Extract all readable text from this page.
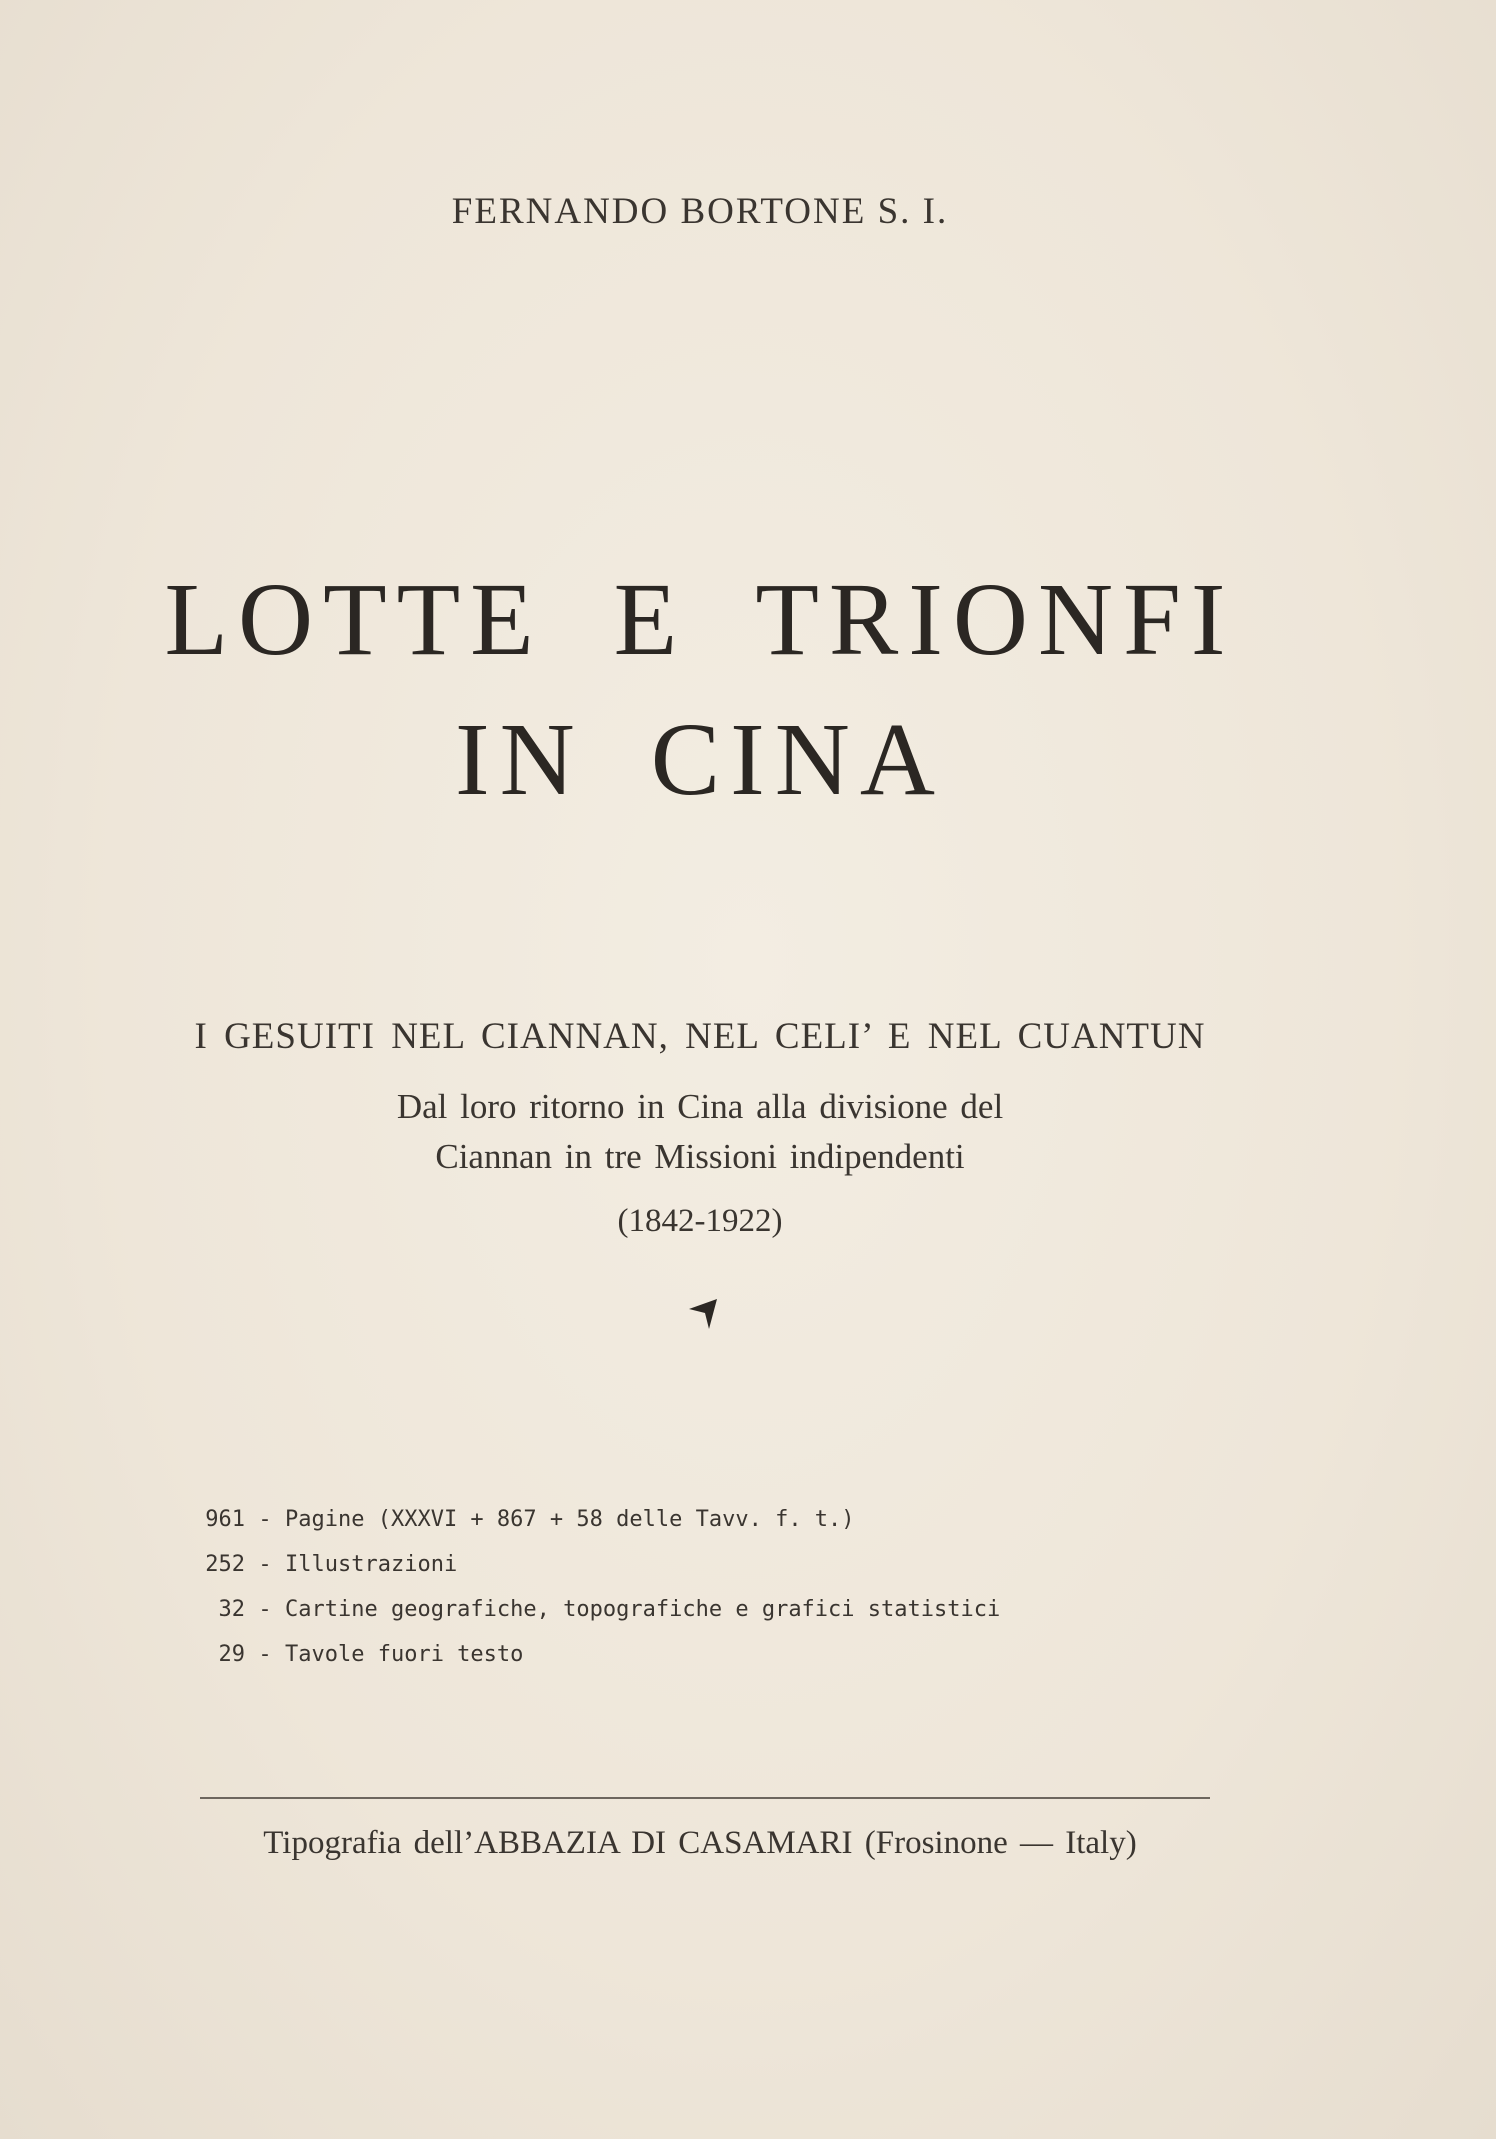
FERNANDO BORTONE S. I.
LOTTE E TRIONFI
IN CINA
I GESUITI NEL CIANNAN, NEL CELI’ E NEL CUANTUN
Dal loro ritorno in Cina alla divisione del
Ciannan in tre Missioni indipendenti
(1842-1922)
961 - Pagine (XXXVI + 867 + 58 delle Tavv. f. t.)
252 - Illustrazioni
32 - Cartine geografiche, topografiche e grafici statistici
29 - Tavole fuori testo
Tipografia dell’ABBAZIA DI CASAMARI (Frosinone — Italy)
